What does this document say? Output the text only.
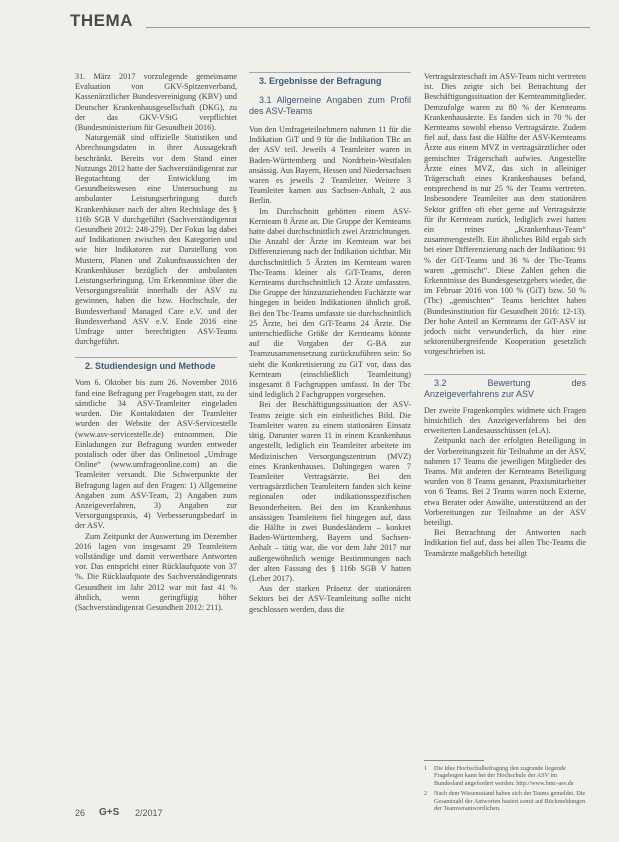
THEMA

31. März 2017 vorzulegende gemeinsame Evaluation von GKV-Spitzenverband, Kassenärztlicher Bundesvereinigung (KBV) und Deutscher Krankenhausgesellschaft (DKG), zu der das GKV-VStG verpflichtet (Bundesministerium für Gesundheit 2016).

Naturgemäß sind offizielle Statistiken und Abrechnungsdaten in ihrer Aussagekraft beschränkt. Bereits vor dem Stand einer Nutzungs 2012 hatte der Sachverständigenrat zur Begutachtung der Entwicklung im Gesundheitswesen eine Untersuchung zu ambulanter Leistungserbringung durch Krankenhäuser nach der alten Rechtslage des § 116b SGB V durchgeführt (Sachverständigenrat Gesundheit 2012: 248-279). Der Fokus lag dabei auf Indikationen zwischen den Kategorien und wie hier Indikatoren zur Darstellung von Mustern, Planen und Zukunftsaussichten der Krankenhäuser bezüglich der ambulanten Leistungserbringung. Um Erkenntnisse über die Versorgungsrealität innerhalb der ASV zu gewinnen, haben die bzw. Hochschule, der Bundesverband Managed Care e.V. und der Bundesverband ASV e.V. Ende 2016 eine Umfrage unter berechtigten ASV-Teams durchgeführt.

2. Studiendesign und Methode

Vom 6. Oktober bis zum 26. November 2016 fand eine Befragung per Fragebogen statt, zu der sämtliche 34 ASV-Teamleiter eingeladen wurden. Die Kontaktdaten der Teamleiter wurden der Website der ASV-Servicestelle (www.asv-servicestelle.de) entnommen. Die Einladungen zur Befragung wurden entweder postalisch oder über das Onlinetool „Umfrage Online“ (www.umfrageonline.com) an die Teamleiter versandt. Die Schwerpunkte der Befragung lagen auf den Fragen: 1) Allgemeine Angaben zum ASV-Team, 2) Angaben zum Anzeigeverfahren, 3) Angaben zur Versorgungspraxis, 4) Verbesserungsbedarf in der ASV.

Zum Zeitpunkt der Auswertung im Dezember 2016 lagen von insgesamt 29 Teamleitern vollständige und damit verwertbare Antworten vor. Das entspricht einer Rücklaufquote von 37 %. Die Rücklaufquote des Sachverständigenrats Gesundheit im Jahr 2012 war mit fast 41 % ähnlich, wenn geringfügig höher (Sachverständigenrat Gesundheit 2012: 211).

3. Ergebnisse der Befragung

3.1 Allgemeine Angaben zum Profil des ASV-Teams

Von den Umfrageteilnehmern nahmen 11 für die Indikation GiT und 9 für die Indikation TBc an der ASV teil. Jeweils 4 Teamleiter waren in Baden-Württemberg und Nordrhein-Westfalen ansässig. Aus Bayern, Hessen und Niedersachsen waren es jeweils 2 Teamleiter. Weitere 3 Teamleiter kamen aus Sachsen-Anhalt, 2 aus Berlin.

Im Durchschnitt gehörten einem ASV-Kernteam 8 Ärzte an. Die Gruppe der Kernteams hatte dabei durchschnittlich zwei Arztrichtungen. Die Anzahl der Ärzte im Kernteam war bei Differenzierung nach der Indikation sichtbar. Mit durchschnittlich 5 Ärzten im Kernteam waren Tbc-Teams kleiner als GiT-Teams, deren Kernteams durchschnittlich 12 Ärzte umfassten. Die Gruppe der hinzuzuziehenden Fachärzte war hingegen in beiden Indikationen ähnlich groß. Bei den Tbc-Teams umfasste sie durchschnittlich 25 Ärzte, bei den GiT-Teams 24 Ärzte. Die unterschiedliche Größe der Kernteams könnte auf die Vorgaben der G-BA zur Teamzusammensetzung zurückzuführen sein: So sieht die Konkretisierung zu GiT vor, dass das Kernteam (einschließlich Teamleitung) insgesamt 8 Fachgruppen umfasst. In der Tbc sind lediglich 2 Fachgruppen vorgesehen.

Bei der Beschäftigungssituation der ASV-Teams zeigte sich ein einheitliches Bild. Die Teamleiter waren zu einem stationären Einsatz tätig. Darunter waren 11 in einem Krankenhaus angestellt, lediglich ein Teamleiter arbeitete im Medizinischen Versorgungszentrum (MVZ) eines Krankenhauses. Dahingegen waren 7 Teamleiter Vertragsärzte. Bei den vertragsärztlichen Teamleitern fanden sich keine regionalen oder indikationsspezifischen Besonderheiten. Bei den im Krankenhaus ansässigen Teamleitern fiel hingegen auf, dass die Hälfte in zwei Bundesländern – konkret Baden-Württemberg, Bayern und Sachsen-Anhalt – tätig war, die vor dem Jahr 2017 nur außergewöhnlich wenige Bestimmungen nach der alten Fassung des § 116b SGB V hatten (Leber 2017).

Aus der starken Präsenz der stationären Sektors bei der ASV-Teamleitung sollte nicht geschlossen werden, dass die

Vertragsärzteschaft im ASV-Team nicht vertreten ist. Dies zeigte sich bei Betrachtung der Beschäftigungssituation der Kernteammitglieder. Demzufolge waren zu 80 % der Kernteams Krankenhausärzte. Es fanden sich in 70 % der Kernteams sowohl ebenso Vertragsärzte. Zudem fiel auf, dass fast die Hälfte der ASV-Kernteams Ärzte aus einem MVZ in vertragsärztlicher oder gemischter Trägerschaft aufwies. Angestellte Ärzte eines MVZ, das sich in alleiniger Trägerschaft eines Krankenhauses befand, entsprechend in nur 25 % der Teams vertreten. Insbesondere Teamleiter aus dem stationären Sektor griffen oft eher gerne auf Vertragsärzte für ihr Kernteam zurück, lediglich zwei hatten ein reines „Krankenhaus-Team“ zusammengestellt. Ein ähnliches Bild ergab sich bei einer Differenzierung nach der Indikation: 91 % der GiT-Teams und 36 % der Tbc-Teams waren „gemischt“. Diese Zahlen gehen die Erkenntnisse des Bundesgesetzgebers wieder, die im Februar 2016 von 100 % (GiT) bzw. 50 % (Tbc) „gemischten“ Teams berichtet haben (Bundesinstitution für Gesundheit 2016: 12-13). Der hohe Anteil an Kernteams der GiT-ASV ist jedoch nicht verwunderlich, da hier eine sektorenübergreifende Kooperation gesetzlich vorgeschrieben ist.

3.2 Bewertung des Anzeigeverfahrens zur ASV

Der zweite Fragenkomplex widmete sich Fragen hinsichtlich des Anzeigeverfahrens bei den erweiterten Landesausschüssen (eLA).

Zeitpunkt nach der erfolgten Beteiligung in der Vorbereitungszeit für Teilnahme an der ASV, nahmen 17 Teams die jeweiligen Mitglieder des Teams. Mit anderen der Kernteams Beteiligung wurden von 8 Teams genannt, Praxismitarbeiter von 6 Teams. Bei 2 Teams waren noch Externe, etwa Berater oder Anwälte, unterstützend an der Vorbereitungen zur Teilnahme an der ASV beteiligt.

Bei Betrachtung der Antworten nach Indikation fiel auf, dass bei allen Tbc-Teams die Teamärzte maßgeblich beteiligt

1	Die Idee Hochschulbefragung den zugrunde liegende Fragebogen kann bei der Hochschule der ASV im Bundesland angefordert werden: http://www.bmc-asv.de
2	Nach dem Wissensstand haben sich der Teams gemeldet. Die Gesamtzahl der Antworten basiert somit auf Rückmeldungen der Teamverantwortlichen.
26 G+S 2/2017
